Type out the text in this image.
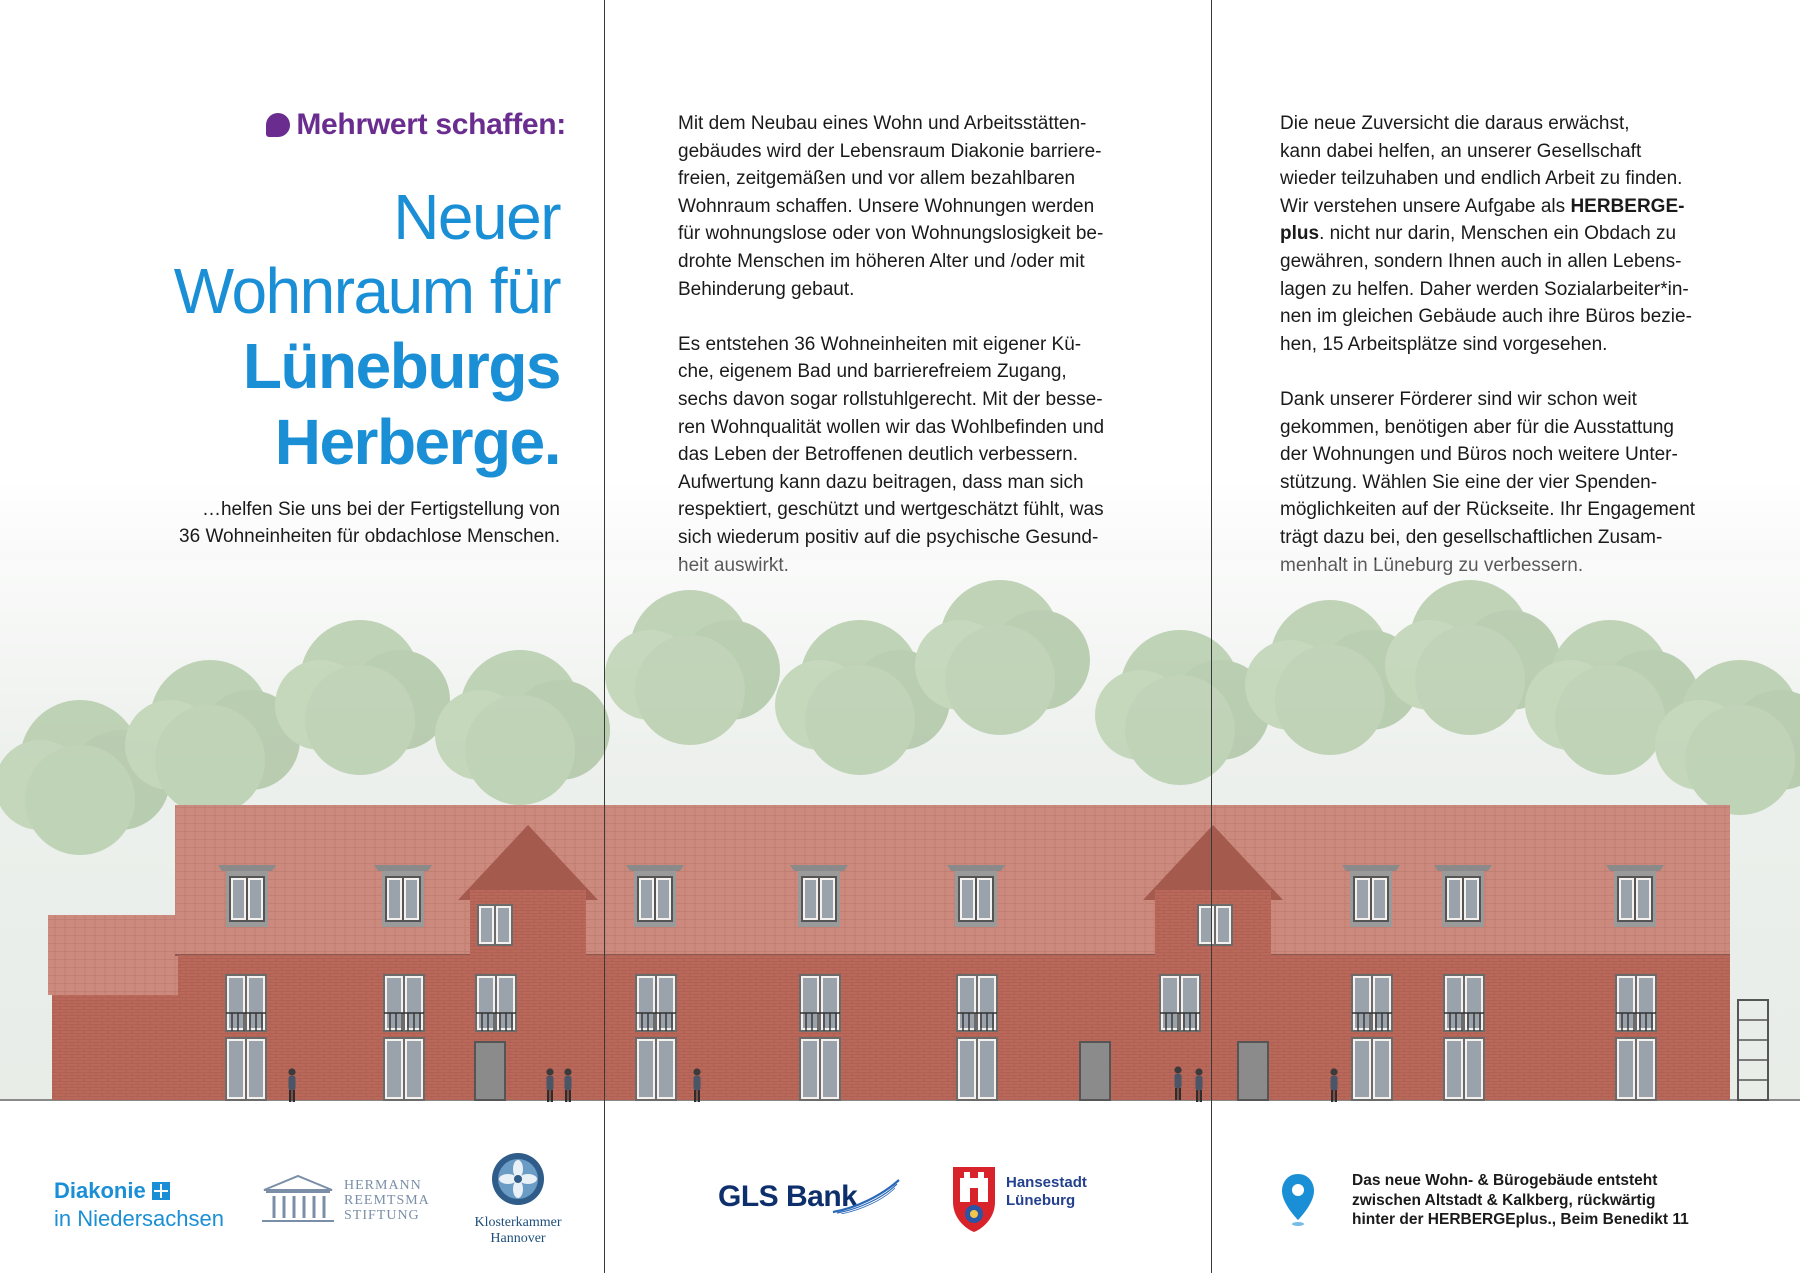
Mehrwert schaffen:
Neuer
Wohnraum für
Lüneburgs
Herberge.
…helfen Sie uns bei der Fertigstellung von
36 Wohneinheiten für obdachlose Menschen.

Mit dem Neubau eines Wohn und Arbeitsstätten-
gebäudes wird der Lebensraum Diakonie barriere-
freien, zeitgemäßen und vor allem bezahlbaren
Wohnraum schaffen. Unsere Wohnungen werden
für wohnungslose oder von Wohnungslosigkeit be-
drohte Menschen im höheren Alter und /oder mit
Behinderung gebaut.

Es entstehen 36 Wohneinheiten mit eigener Kü-
che, eigenem Bad und barrierefreiem Zugang,
sechs davon sogar rollstuhlgerecht. Mit der besse-
ren Wohnqualität wollen wir das Wohlbefinden und
das Leben der Betroffenen deutlich verbessern.
Aufwertung kann dazu beitragen, dass man sich
respektiert, geschützt und wertgeschätzt fühlt, was
sich wiederum positiv auf die psychische Gesund-
heit auswirkt.

Die neue Zuversicht die daraus erwächst,
kann dabei helfen, an unserer Gesellschaft
wieder teilzuhaben und endlich Arbeit zu finden.
Wir verstehen unsere Aufgabe als HERBERGE-
plus. nicht nur darin, Menschen ein Obdach zu
gewähren, sondern Ihnen auch in allen Lebens-
lagen zu helfen. Daher werden Sozialarbeiter*in-
nen im gleichen Gebäude auch ihre Büros bezie-
hen, 15 Arbeitsplätze sind vorgesehen.

Dank unserer Förderer sind wir schon weit
gekommen, benötigen aber für die Ausstattung
der Wohnungen und Büros noch weitere Unter-
stützung. Wählen Sie eine der vier Spenden-
möglichkeiten auf der Rückseite. Ihr Engagement
trägt dazu bei, den gesellschaftlichen Zusam-
menhalt in Lüneburg zu verbessern.

Diakonie
in Niedersachsen
HERMANN
REEMTSMA
STIFTUNG	Klosterkammer
Hannover
GLS Bank	Hansestadt
Lüneburg
Das neue Wohn- & Bürogebäude entsteht
zwischen Altstadt & Kalkberg, rückwärtig
hinter der HERBERGEplus., Beim Benedikt 11
